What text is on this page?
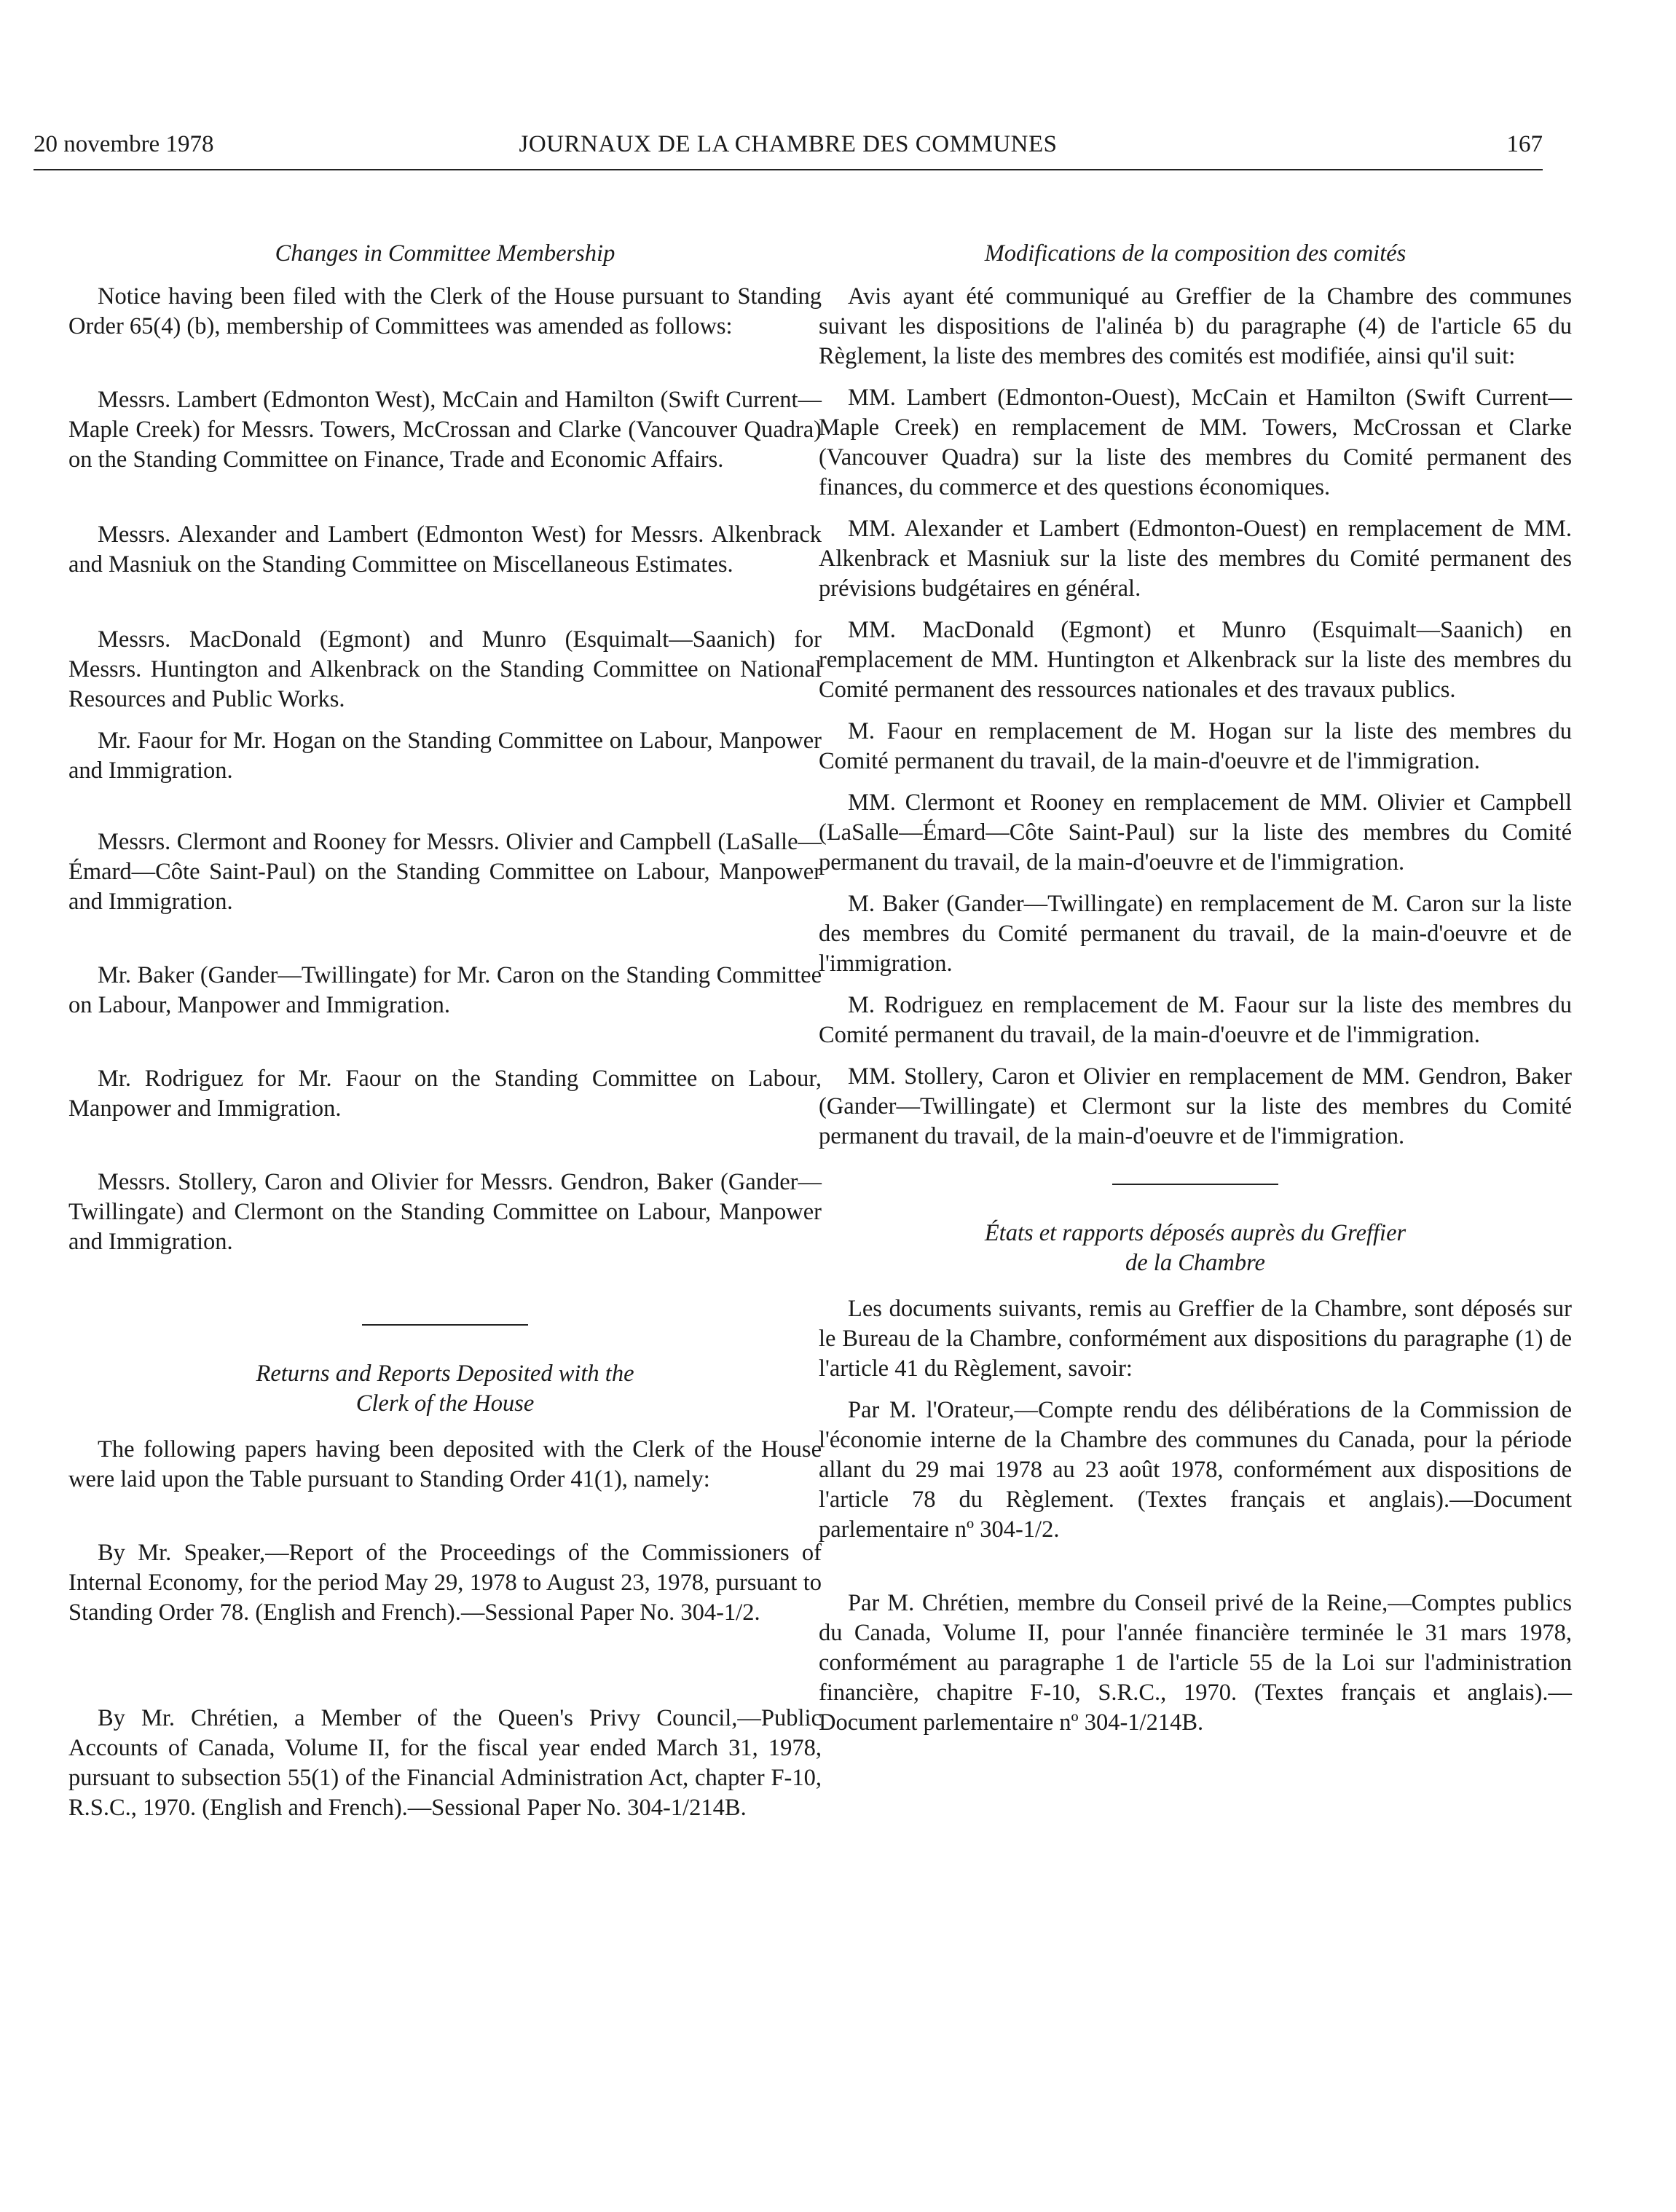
20 novembre 1978	JOURNAUX DE LA CHAMBRE DES COMMUNES	167
Changes in Committee Membership

Notice having been filed with the Clerk of the House pursuant to Standing Order 65(4) (b), membership of Committees was amended as follows:

Messrs. Lambert (Edmonton West), McCain and Hamilton (Swift Current—Maple Creek) for Messrs. Towers, McCrossan and Clarke (Vancouver Quadra) on the Standing Committee on Finance, Trade and Economic Affairs.

Messrs. Alexander and Lambert (Edmonton West) for Messrs. Alkenbrack and Masniuk on the Standing Committee on Miscellaneous Estimates.

Messrs. MacDonald (Egmont) and Munro (Esquimalt—Saanich) for Messrs. Huntington and Alkenbrack on the Standing Committee on National Resources and Public Works.

Mr. Faour for Mr. Hogan on the Standing Committee on Labour, Manpower and Immigration.

Messrs. Clermont and Rooney for Messrs. Olivier and Campbell (LaSalle—Émard—Côte Saint-Paul) on the Standing Committee on Labour, Manpower and Immigration.

Mr. Baker (Gander—Twillingate) for Mr. Caron on the Standing Committee on Labour, Manpower and Immigration.

Mr. Rodriguez for Mr. Faour on the Standing Committee on Labour, Manpower and Immigration.

Messrs. Stollery, Caron and Olivier for Messrs. Gendron, Baker (Gander—Twillingate) and Clermont on the Standing Committee on Labour, Manpower and Immigration.

Returns and Reports Deposited with the
Clerk of the House

The following papers having been deposited with the Clerk of the House were laid upon the Table pursuant to Standing Order 41(1), namely:

By Mr. Speaker,—Report of the Proceedings of the Commissioners of Internal Economy, for the period May 29, 1978 to August 23, 1978, pursuant to Standing Order 78. (English and French).—Sessional Paper No. 304-1/2.

By Mr. Chrétien, a Member of the Queen's Privy Council,—Public Accounts of Canada, Volume II, for the fiscal year ended March 31, 1978, pursuant to subsection 55(1) of the Financial Administration Act, chapter F-10, R.S.C., 1970. (English and French).—Sessional Paper No. 304-1/214B.

Modifications de la composition des comités

Avis ayant été communiqué au Greffier de la Chambre des communes suivant les dispositions de l'alinéa b) du paragraphe (4) de l'article 65 du Règlement, la liste des membres des comités est modifiée, ainsi qu'il suit:

MM. Lambert (Edmonton-Ouest), McCain et Hamilton (Swift Current—Maple Creek) en remplacement de MM. Towers, McCrossan et Clarke (Vancouver Quadra) sur la liste des membres du Comité permanent des finances, du commerce et des questions économiques.

MM. Alexander et Lambert (Edmonton-Ouest) en remplacement de MM. Alkenbrack et Masniuk sur la liste des membres du Comité permanent des prévisions budgétaires en général.

MM. MacDonald (Egmont) et Munro (Esquimalt—Saanich) en remplacement de MM. Huntington et Alkenbrack sur la liste des membres du Comité permanent des ressources nationales et des travaux publics.

M. Faour en remplacement de M. Hogan sur la liste des membres du Comité permanent du travail, de la main-d'oeuvre et de l'immigration.

MM. Clermont et Rooney en remplacement de MM. Olivier et Campbell (LaSalle—Émard—Côte Saint-Paul) sur la liste des membres du Comité permanent du travail, de la main-d'oeuvre et de l'immigration.

M. Baker (Gander—Twillingate) en remplacement de M. Caron sur la liste des membres du Comité permanent du travail, de la main-d'oeuvre et de l'immigration.

M. Rodriguez en remplacement de M. Faour sur la liste des membres du Comité permanent du travail, de la main-d'oeuvre et de l'immigration.

MM. Stollery, Caron et Olivier en remplacement de MM. Gendron, Baker (Gander—Twillingate) et Clermont sur la liste des membres du Comité permanent du travail, de la main-d'oeuvre et de l'immigration.

États et rapports déposés auprès du Greffier
de la Chambre

Les documents suivants, remis au Greffier de la Chambre, sont déposés sur le Bureau de la Chambre, conformément aux dispositions du paragraphe (1) de l'article 41 du Règlement, savoir:

Par M. l'Orateur,—Compte rendu des délibérations de la Commission de l'économie interne de la Chambre des communes du Canada, pour la période allant du 29 mai 1978 au 23 août 1978, conformément aux dispositions de l'article 78 du Règlement. (Textes français et anglais).—Document parlementaire nº 304-1/2.

Par M. Chrétien, membre du Conseil privé de la Reine,—Comptes publics du Canada, Volume II, pour l'année financière terminée le 31 mars 1978, conformément au paragraphe 1 de l'article 55 de la Loi sur l'administration financière, chapitre F-10, S.R.C., 1970. (Textes français et anglais).—Document parlementaire nº 304-1/214B.
